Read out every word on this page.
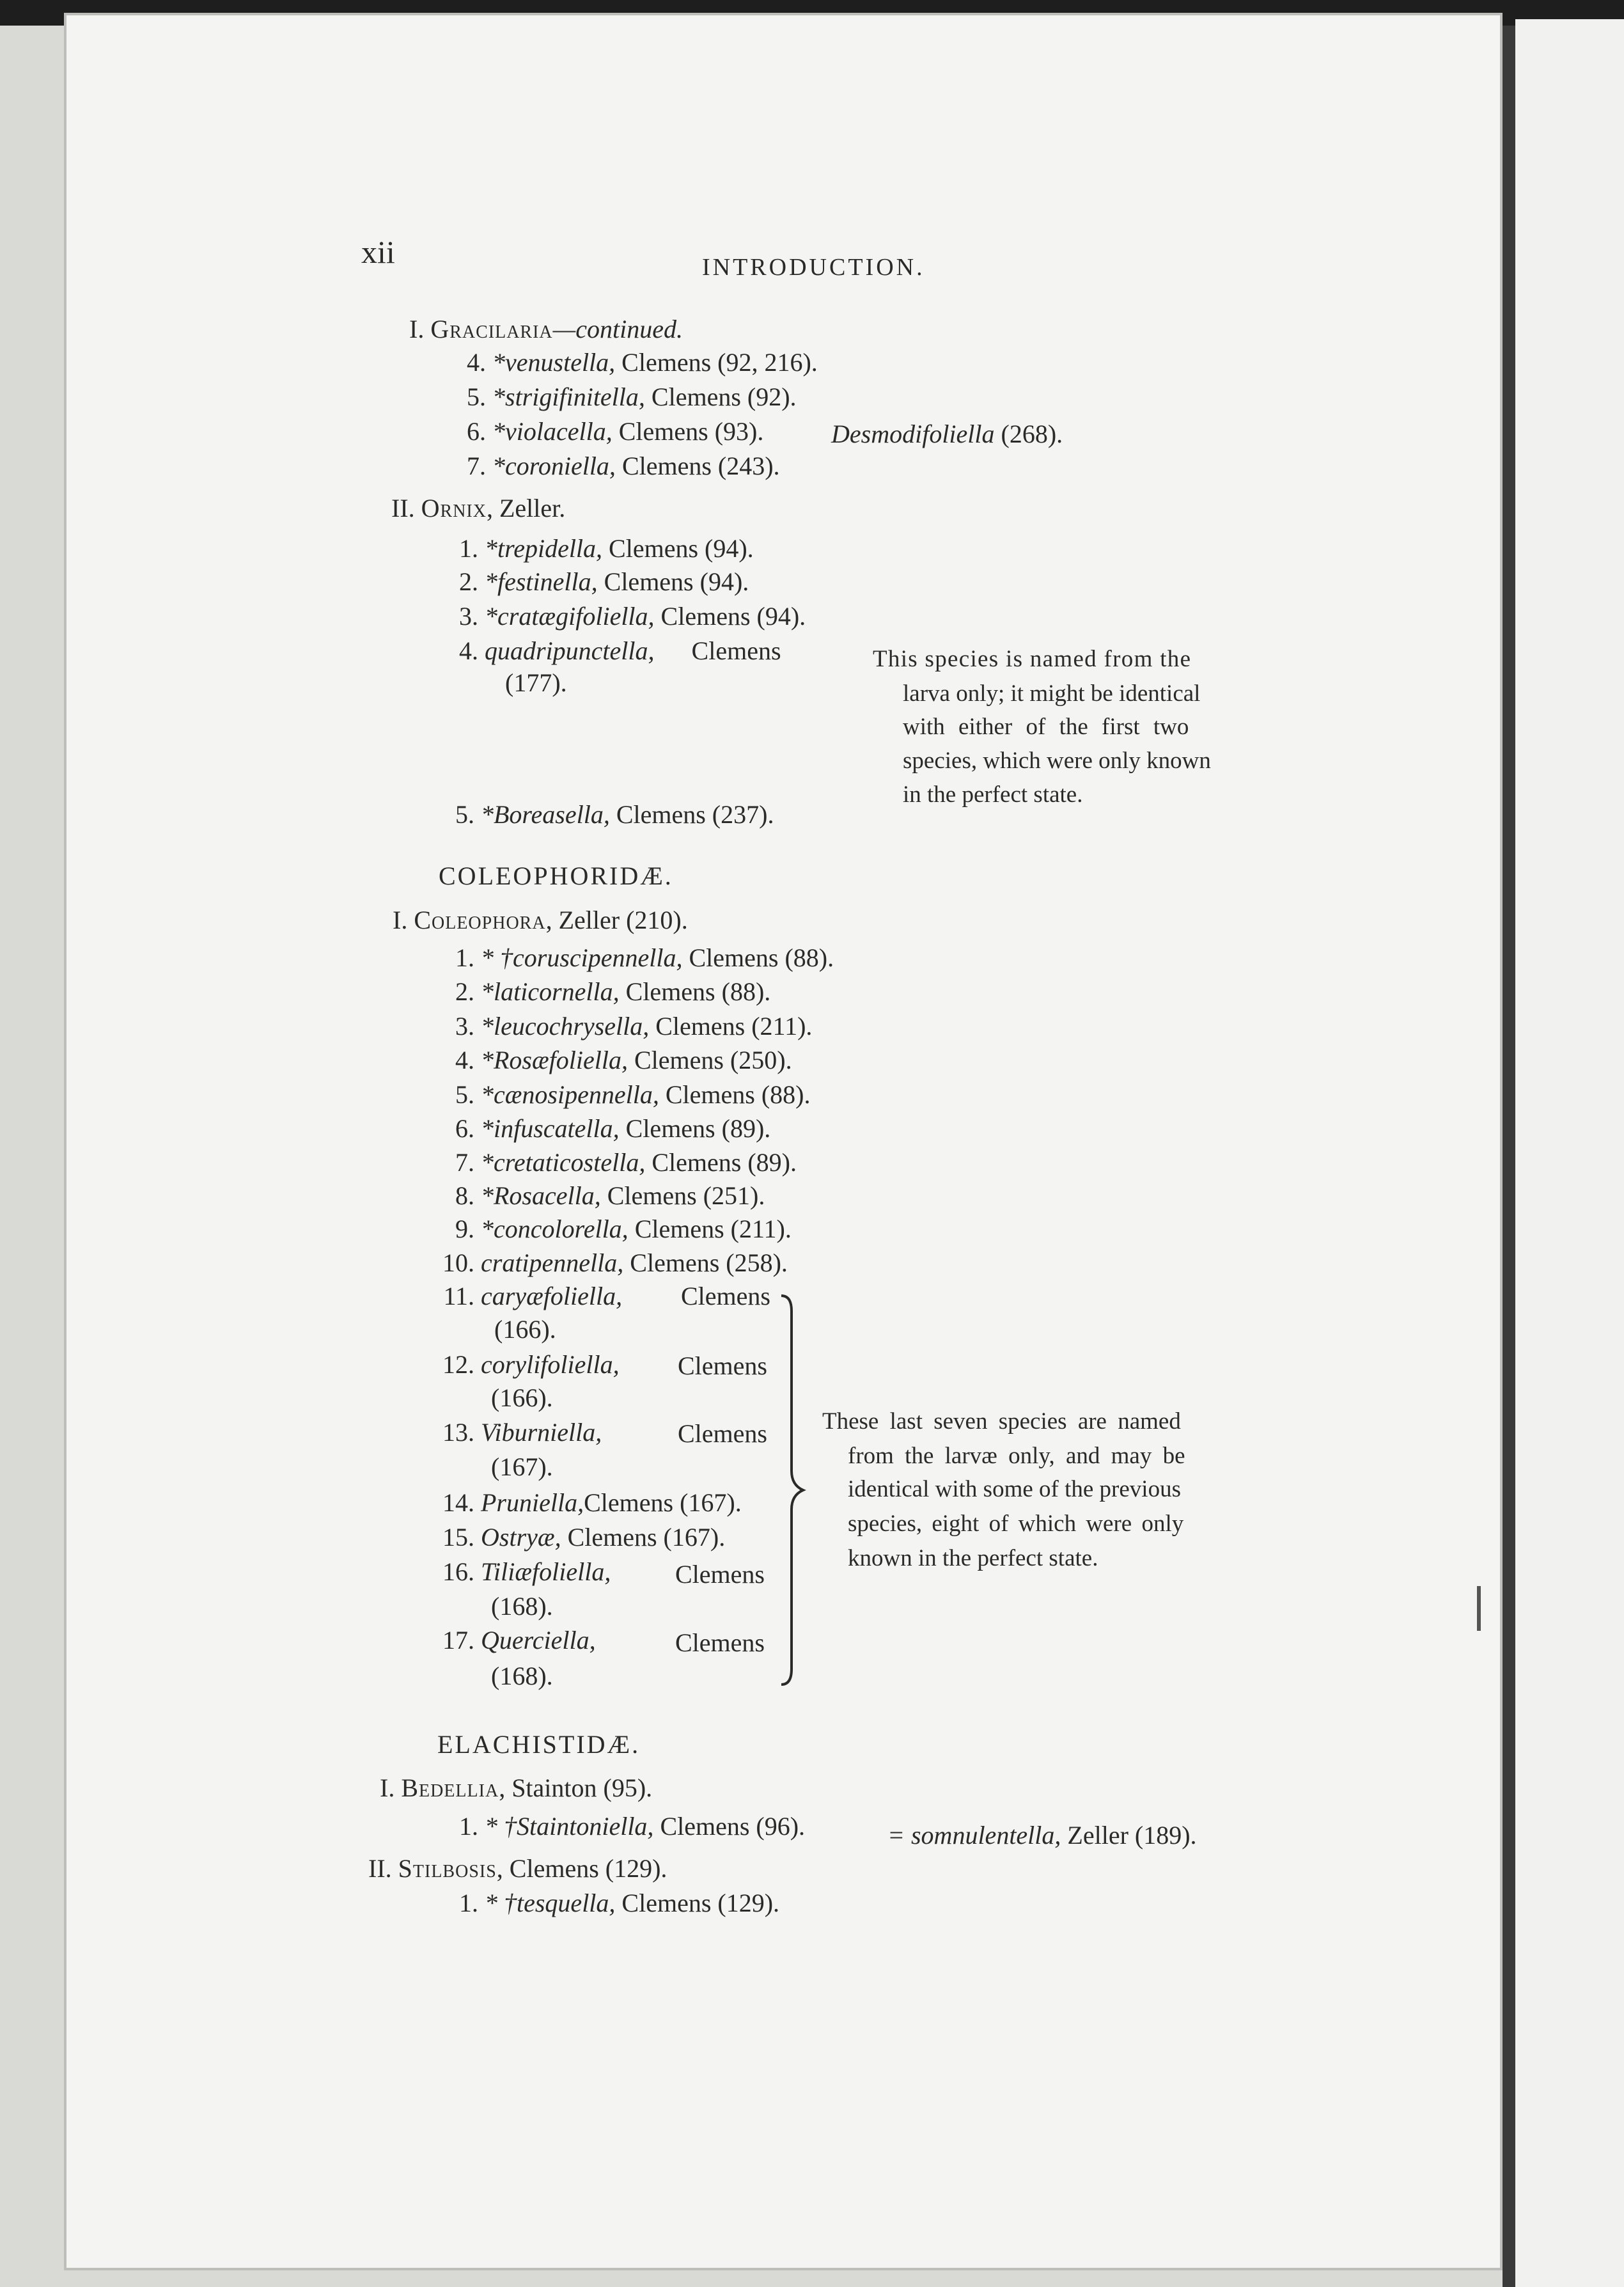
xii	INTRODUCTION.
I. Gracilaria—continued.
4. *venustella, Clemens (92, 216).
5. *strigifinitella, Clemens (92).
6. *violacella, Clemens (93).	Desmodifoliella (268).
7. *coroniella, Clemens (243).
II. Ornix, Zeller.
1. *trepidella, Clemens (94).
2. *festinella, Clemens (94).
3. *cratægifoliella, Clemens (94).
4. quadripunctella, Clemens
(177).
This species is named from the
larva only; it might be identical
with either of the first two
species, which were only known
in the perfect state.
5. *Boreasella, Clemens (237).
COLEOPHORIDÆ.
I. Coleophora, Zeller (210).
1. * †coruscipennella, Clemens (88).
2. *laticornella, Clemens (88).
3. *leucochrysella, Clemens (211).
4. *Rosæfoliella, Clemens (250).
5. *cænosipennella, Clemens (88).
6. *infuscatella, Clemens (89).
7. *cretaticostella, Clemens (89).
8. *Rosacella, Clemens (251).
9. *concolorella, Clemens (211).
10. cratipennella, Clemens (258).
11. caryæfoliella, Clemens
(166).
12. corylifoliella, Clemens
(166).
13. Viburniella,	Clemens
(167).
14. Pruniella,Clemens (167).
15. Ostryæ, Clemens (167).
16. Tiliæfoliella,	Clemens
(168).
17. Querciella,	Clemens
(168).
These last seven species are named
from the larvæ only, and may be
identical with some of the previous
species, eight of which were only
known in the perfect state.
ELACHISTIDÆ.
I. Bedellia, Stainton (95).
1. * †Staintoniella, Clemens (96).	= somnulentella, Zeller (189).
II. Stilbosis, Clemens (129).
1. * †tesquella, Clemens (129).
